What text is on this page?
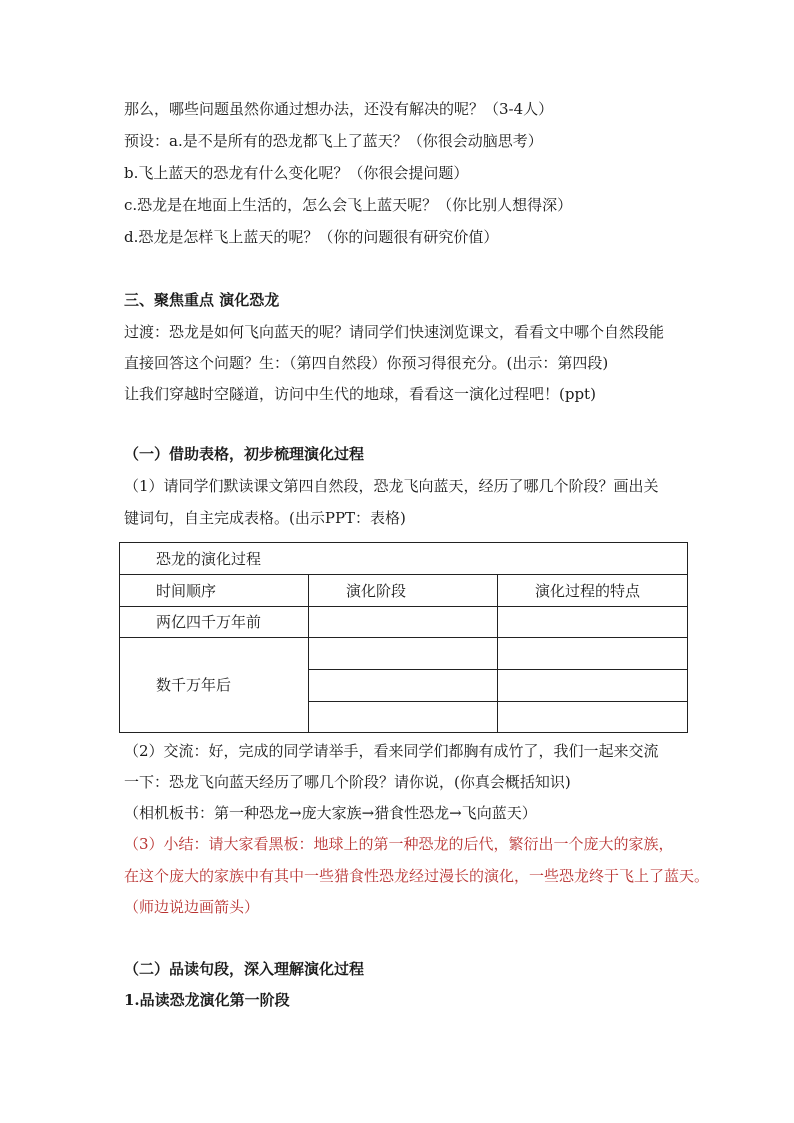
那么，哪些问题虽然你通过想办法，还没有解决的呢？（3-4人）
预设：a.是不是所有的恐龙都飞上了蓝天？（你很会动脑思考）
b.飞上蓝天的恐龙有什么变化呢？（你很会提问题）
c.恐龙是在地面上生活的，怎么会飞上蓝天呢？（你比别人想得深）
d.恐龙是怎样飞上蓝天的呢？（你的问题很有研究价值）
三、聚焦重点 演化恐龙
过渡：恐龙是如何飞向蓝天的呢？请同学们快速浏览课文，看看文中哪个自然段能
直接回答这个问题？生：（第四自然段）你预习得很充分。(出示：第四段)
让我们穿越时空隧道，访问中生代的地球，看看这一演化过程吧！(ppt)
（一）借助表格，初步梳理演化过程
（1）请同学们默读课文第四自然段，恐龙飞向蓝天，经历了哪几个阶段？画出关
键词句，自主完成表格。(出示PPT：表格)
恐龙的演化过程
时间顺序	演化阶段	演化过程的特点
两亿四千万年前
数千万年后
（2）交流：好，完成的同学请举手，看来同学们都胸有成竹了，我们一起来交流
一下：恐龙飞向蓝天经历了哪几个阶段？请你说，(你真会概括知识)
（相机板书：第一种恐龙→庞大家族→猎食性恐龙→飞向蓝天）
（3）小结：请大家看黑板：地球上的第一种恐龙的后代，繁衍出一个庞大的家族，
在这个庞大的家族中有其中一些猎食性恐龙经过漫长的演化，一些恐龙终于飞上了蓝天。
（师边说边画箭头）
（二）品读句段，深入理解演化过程
1.品读恐龙演化第一阶段
